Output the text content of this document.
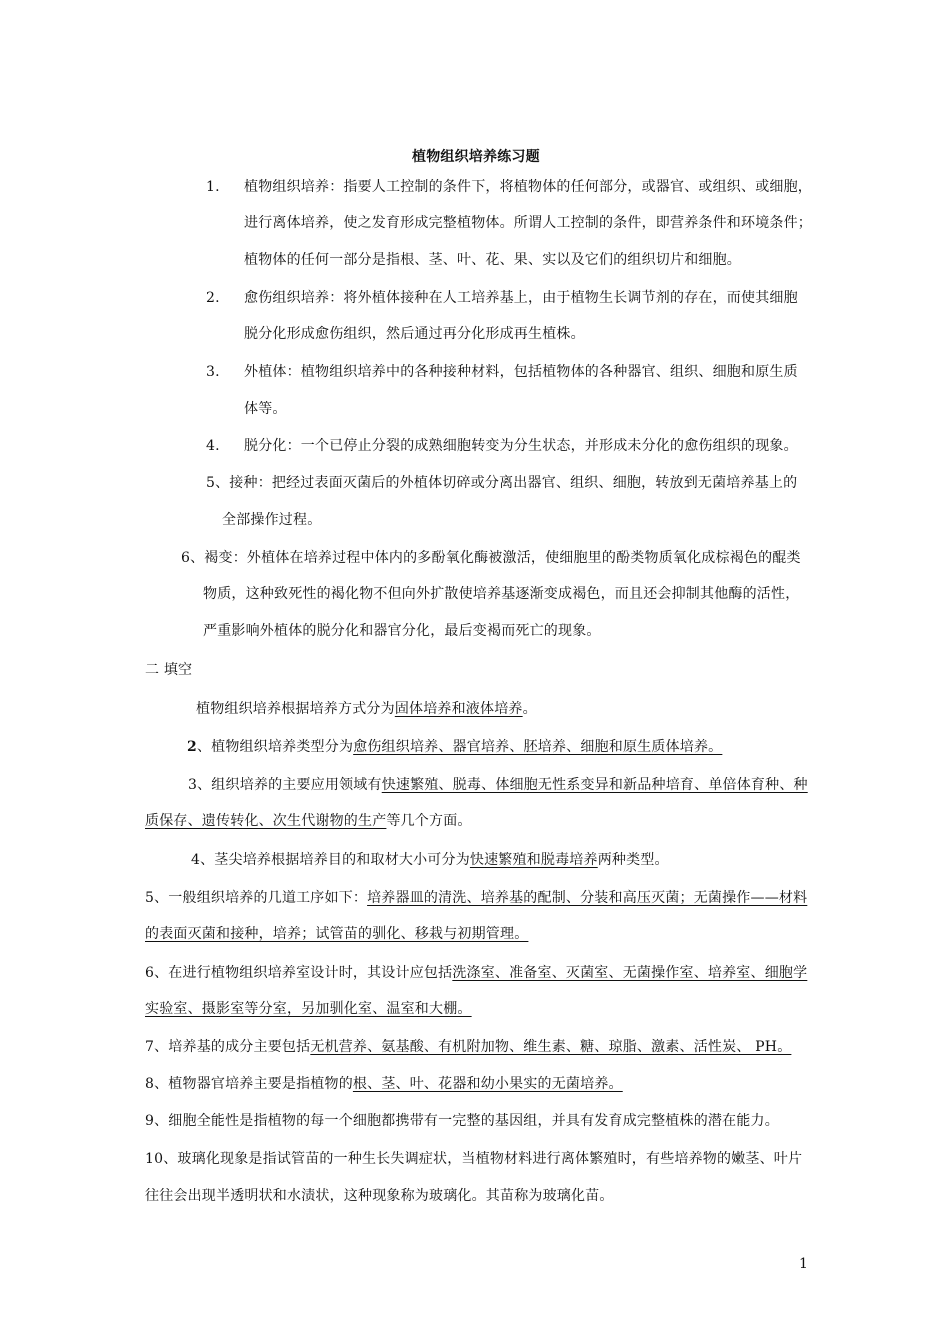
植物组织培养练习题
1. 植物组织培养：指要人工控制的条件下，将植物体的任何部分，或器官、或组织、或细胞，
进行离体培养，使之发育形成完整植物体。所谓人工控制的条件，即营养条件和环境条件；
植物体的任何一部分是指根、茎、叶、花、果、实以及它们的组织切片和细胞。
2. 愈伤组织培养：将外植体接种在人工培养基上，由于植物生长调节剂的存在，而使其细胞
脱分化形成愈伤组织，然后通过再分化形成再生植株。
3. 外植体：植物组织培养中的各种接种材料，包括植物体的各种器官、组织、细胞和原生质
体等。
4. 脱分化：一个已停止分裂的成熟细胞转变为分生状态，并形成未分化的愈伤组织的现象。
5、接种：把经过表面灭菌后的外植体切碎或分离出器官、组织、细胞，转放到无菌培养基上的
全部操作过程。
6、褐变：外植体在培养过程中体内的多酚氧化酶被激活，使细胞里的酚类物质氧化成棕褐色的醌类
物质，这种致死性的褐化物不但向外扩散使培养基逐渐变成褐色，而且还会抑制其他酶的活性，
严重影响外植体的脱分化和器官分化，最后变褐而死亡的现象。
二 填空
植物组织培养根据培养方式分为固体培养和液体培养。
2、植物组织培养类型分为愈伤组织培养、器官培养、胚培养、细胞和原生质体培养。
3、组织培养的主要应用领域有快速繁殖、脱毒、体细胞无性系变异和新品种培育、单倍体育种、种
质保存、遗传转化、次生代谢物的生产等几个方面。
4、茎尖培养根据培养目的和取材大小可分为快速繁殖和脱毒培养两种类型。
5、一般组织培养的几道工序如下：培养器皿的清洗、培养基的配制、分装和高压灭菌；无菌操作——材料
的表面灭菌和接种，培养；试管苗的驯化、移栽与初期管理。
6、在进行植物组织培养室设计时，其设计应包括洗涤室、准备室、灭菌室、无菌操作室、培养室、细胞学
实验室、摄影室等分室，另加驯化室、温室和大棚。
7、培养基的成分主要包括无机营养、氨基酸、有机附加物、维生素、糖、琼脂、激素、活性炭、 PH。
8、植物器官培养主要是指植物的根、茎、叶、花器和幼小果实的无菌培养。
9、细胞全能性是指植物的每一个细胞都携带有一完整的基因组，并具有发育成完整植株的潜在能力。
10、玻璃化现象是指试管苗的一种生长失调症状，当植物材料进行离体繁殖时，有些培养物的嫩茎、叶片
往往会出现半透明状和水渍状，这种现象称为玻璃化。其苗称为玻璃化苗。
1
